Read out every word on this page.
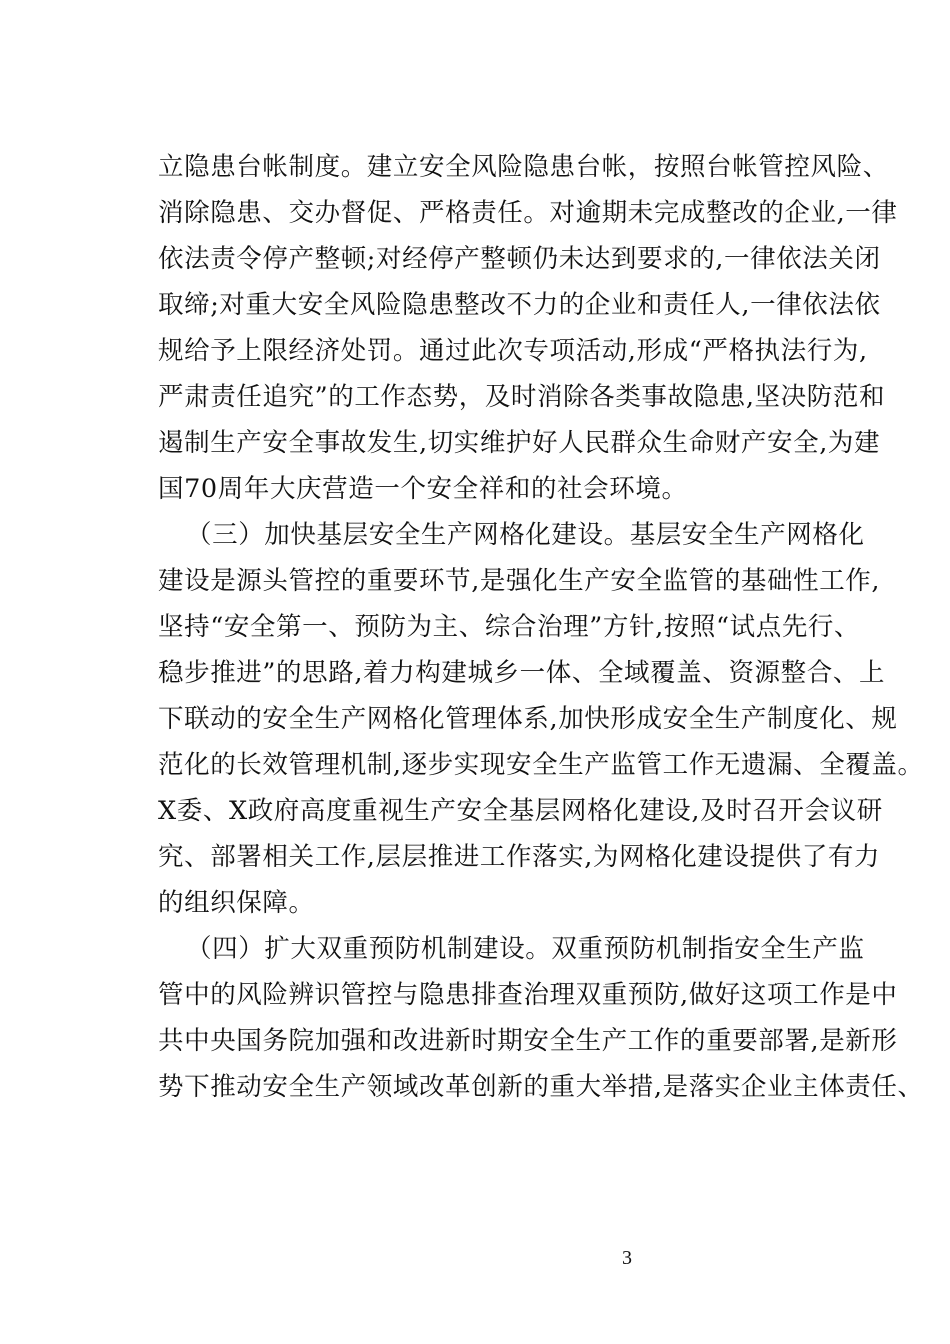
立隐患台帐制度。建立安全风险隐患台帐，按照台帐管控风险、
消除隐患、交办督促、严格责任。对逾期未完成整改的企业,一律
依法责令停产整顿;对经停产整顿仍未达到要求的,一律依法关闭
取缔;对重大安全风险隐患整改不力的企业和责任人,一律依法依
规给予上限经济处罚。通过此次专项活动,形成“严格执法行为,
严肃责任追究”的工作态势，及时消除各类事故隐患,坚决防范和
遏制生产安全事故发生,切实维护好人民群众生命财产安全,为建
国70周年大庆营造一个安全祥和的社会环境。
（三）加快基层安全生产网格化建设。基层安全生产网格化
建设是源头管控的重要环节,是强化生产安全监管的基础性工作,
坚持“安全第一、预防为主、综合治理”方针,按照“试点先行、
稳步推进”的思路,着力构建城乡一体、全域覆盖、资源整合、上
下联动的安全生产网格化管理体系,加快形成安全生产制度化、规
范化的长效管理机制,逐步实现安全生产监管工作无遗漏、全覆盖。
X委、X政府高度重视生产安全基层网格化建设,及时召开会议研
究、部署相关工作,层层推进工作落实,为网格化建设提供了有力
的组织保障。
（四）扩大双重预防机制建设。双重预防机制指安全生产监
管中的风险辨识管控与隐患排查治理双重预防,做好这项工作是中
共中央国务院加强和改进新时期安全生产工作的重要部署,是新形
势下推动安全生产领域改革创新的重大举措,是落实企业主体责任、
3
